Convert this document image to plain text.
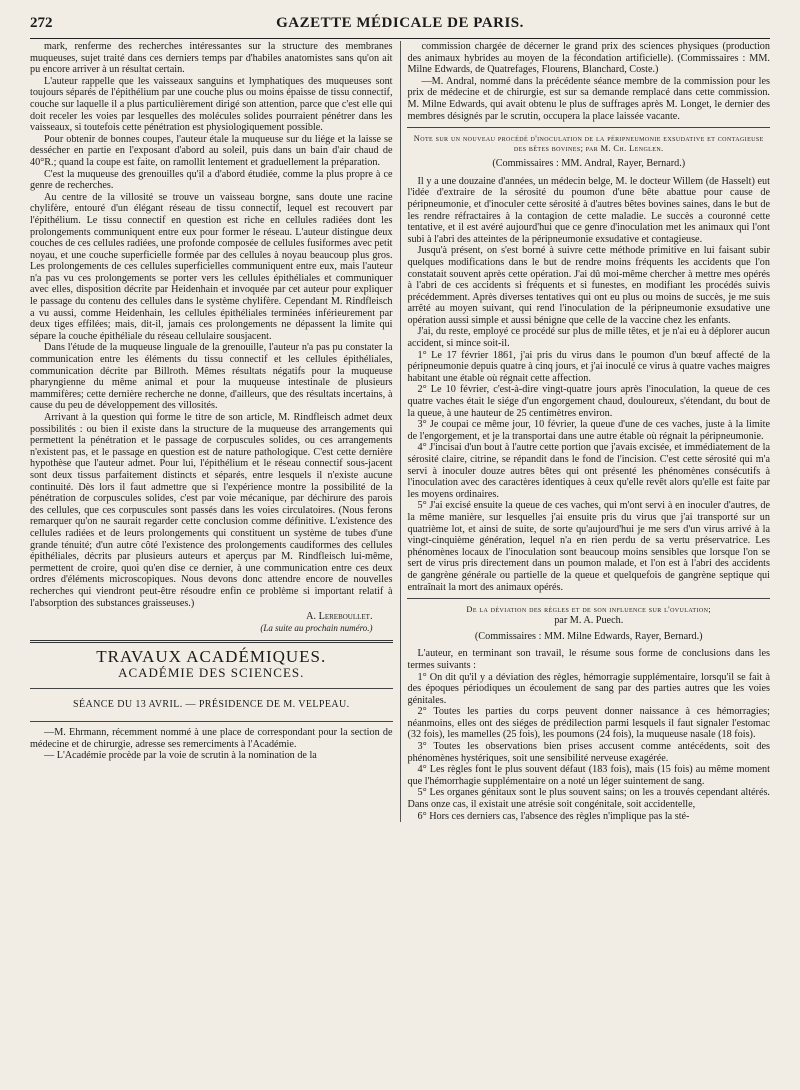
272	GAZETTE MÉDICALE DE PARIS.

mark, renferme des recherches intéressantes sur la structure des membranes muqueuses, sujet traité dans ces derniers temps par d'habiles anatomistes sans qu'on ait pu encore arriver à un résultat certain.

L'auteur rappelle que les vaisseaux sanguins et lymphatiques des muqueuses sont toujours séparés de l'épithélium par une couche plus ou moins épaisse de tissu connectif, couche sur laquelle il a plus particulièrement dirigé son attention, parce que c'est elle qui doit receler les voies par lesquelles des molécules solides pourraient pénétrer dans les vaisseaux, si toutefois cette pénétration est physiologiquement possible.

Pour obtenir de bonnes coupes, l'auteur étale la muqueuse sur du liége et la laisse se dessécher en partie en l'exposant d'abord au soleil, puis dans un bain d'air chaud de 40°R.; quand la coupe est faite, on ramollit lentement et graduellement la préparation.

C'est la muqueuse des grenouilles qu'il a d'abord étudiée, comme la plus propre à ce genre de recherches.

Au centre de la villosité se trouve un vaisseau borgne, sans doute une racine chylifère, entouré d'un élégant réseau de tissu connectif, lequel est recouvert par l'épithélium. Le tissu connectif en question est riche en cellules radiées dont les prolongements communiquent entre eux pour former le réseau. L'auteur distingue deux couches de ces cellules radiées, une profonde composée de cellules fusiformes avec petit noyau, et une couche superficielle formée par des cellules à noyau beaucoup plus gros. Les prolongements de ces cellules superficielles communiquent entre eux, mais l'auteur n'a pas vu ces prolongements se porter vers les cellules épithéliales et communiquer avec elles, disposition décrite par Heidenhain et invoquée par cet auteur pour expliquer le passage du contenu des cellules dans le système chylifère. Cependant M. Rindfleisch a vu aussi, comme Heidenhain, les cellules épithéliales terminées inférieurement par deux tiges effilées; mais, dit-il, jamais ces prolongements ne dépassent la limite qui sépare la couche épithéliale du réseau cellulaire sousjacent.

Dans l'étude de la muqueuse linguale de la grenouille, l'auteur n'a pas pu constater la communication entre les éléments du tissu connectif et les cellules épithéliales, communication décrite par Billroth. Mêmes résultats négatifs pour la muqueuse pharyngienne du même animal et pour la muqueuse intestinale de plusieurs mammifères; cette dernière recherche ne donne, d'ailleurs, que des résultats incertains, à cause du peu de développement des villosités.

Arrivant à la question qui forme le titre de son article, M. Rindfleisch admet deux possibilités : ou bien il existe dans la structure de la muqueuse des arrangements qui permettent la pénétration et le passage de corpuscules solides, ou ces arrangements n'existent pas, et le passage en question est de nature pathologique. C'est cette dernière hypothèse que l'auteur admet. Pour lui, l'épithélium et le réseau connectif sous-jacent sont deux tissus parfaitement distincts et séparés, entre lesquels il n'existe aucune continuité. Dès lors il faut admettre que si l'expérience montre la possibilité de la pénétration de corpuscules solides, c'est par voie mécanique, par déchirure des parois des cellules, que ces corpuscules sont passés dans les voies circulatoires. (Nous ferons remarquer qu'on ne saurait regarder cette conclusion comme définitive. L'existence des cellules radiées et de leurs prolongements qui constituent un système de tubes d'une grande ténuité; d'un autre côté l'existence des prolongements caudiformes des cellules épithéliales, décrits par plusieurs auteurs et aperçus par M. Rindfleisch lui-même, permettent de croire, quoi qu'en dise ce dernier, à une communication entre ces deux ordres d'éléments microscopiques. Nous devons donc attendre encore de nouvelles recherches qui viendront peut-être résoudre enfin ce problème si important relatif à l'absorption des substances graisseuses.)

A. Lereboullet.
(La suite au prochain numéro.)
TRAVAUX ACADÉMIQUES.
ACADÉMIE DES SCIENCES.
SÉANCE DU 13 AVRIL. — PRÉSIDENCE DE M. VELPEAU.

—M. Ehrmann, récemment nommé à une place de correspondant pour la section de médecine et de chirurgie, adresse ses remerciments à l'Académie.

— L'Académie procède par la voie de scrutin à la nomination de la

commission chargée de décerner le grand prix des sciences physiques (production des animaux hybrides au moyen de la fécondation artificielle). (Commissaires : MM. Milne Edwards, de Quatrefages, Flourens, Blanchard, Coste.)

—M. Andral, nommé dans la précédente séance membre de la commission pour les prix de médecine et de chirurgie, est sur sa demande remplacé dans cette commission. M. Milne Edwards, qui avait obtenu le plus de suffrages après M. Longet, le dernier des membres désignés par le scrutin, occupera la place laissée vacante.

Note sur un nouveau procédé d'inoculation de la péripneumonie exsudative et contagieuse des bêtes bovines; par M. Ch. Lenglen.
(Commissaires : MM. Andral, Rayer, Bernard.)

Il y a une douzaine d'années, un médecin belge, M. le docteur Willem (de Hasselt) eut l'idée d'extraire de la sérosité du poumon d'une bête abattue pour cause de péripneumonie, et d'inoculer cette sérosité à d'autres bêtes bovines saines, dans le but de les rendre réfractaires à la contagion de cette maladie. Le succès a couronné cette tentative, et il est avéré aujourd'hui que ce genre d'inoculation met les animaux qui l'ont subi à l'abri des atteintes de la péripneumonie exsudative et contagieuse.

Jusqu'à présent, on s'est borné à suivre cette méthode primitive en lui faisant subir quelques modifications dans le but de rendre moins fréquents les accidents que l'on constatait souvent après cette opération. J'ai dû moi-même chercher à mettre mes opérés à l'abri de ces accidents si fréquents et si funestes, en modifiant les procédés suivis précédemment. Après diverses tentatives qui ont eu plus ou moins de succès, je me suis arrêté au moyen suivant, qui rend l'inoculation de la péripneumonie exsudative une opération aussi simple et aussi bénigne que celle de la vaccine chez les enfants.

J'ai, du reste, employé ce procédé sur plus de mille têtes, et je n'ai eu à déplorer aucun accident, si mince soit-il.

1° Le 17 février 1861, j'ai pris du virus dans le poumon d'un bœuf affecté de la péripneumonie depuis quatre à cinq jours, et j'ai inoculé ce virus à quatre vaches maigres habitant une étable où régnait cette affection.

2° Le 10 février, c'est-à-dire vingt-quatre jours après l'inoculation, la queue de ces quatre vaches était le siége d'un engorgement chaud, douloureux, s'étendant, du bout de la queue, à une hauteur de 25 centimètres environ.

3° Je coupai ce même jour, 10 février, la queue d'une de ces vaches, juste à la limite de l'engorgement, et je la transportai dans une autre étable où régnait la péripneumonie.

4° J'incisai d'un bout à l'autre cette portion que j'avais excisée, et immédiatement de la sérosité claire, citrine, se répandit dans le fond de l'incision. C'est cette sérosité qui m'a servi à inoculer douze autres bêtes qui ont présenté les phénomènes consécutifs à l'inoculation avec des caractères identiques à ceux qu'elle revêt alors qu'elle est faite par les moyens ordinaires.

5° J'ai excisé ensuite la queue de ces vaches, qui m'ont servi à en inoculer d'autres, de la même manière, sur lesquelles j'ai ensuite pris du virus que j'ai transporté sur un quatrième lot, et ainsi de suite, de sorte qu'aujourd'hui je me sers d'un virus arrivé à la vingt-cinquième génération, lequel n'a en rien perdu de sa vertu préservatrice. Les phénomènes locaux de l'inoculation sont beaucoup moins sensibles que lorsque l'on se sert de virus pris directement dans un poumon malade, et l'on est à l'abri des accidents de gangrène générale ou partielle de la queue et quelquefois de gangrène septique qui entraînait la mort des animaux opérés.

De la déviation des règles et de son influence sur l'ovulation;
par M. A. Puech.
(Commissaires : MM. Milne Edwards, Rayer, Bernard.)

L'auteur, en terminant son travail, le résume sous forme de conclusions dans les termes suivants :

1° On dit qu'il y a déviation des règles, hémorragie supplémentaire, lorsqu'il se fait à des époques périodiques un écoulement de sang par des parties autres que les voies génitales.

2° Toutes les parties du corps peuvent donner naissance à ces hémorragies; néanmoins, elles ont des siéges de prédilection parmi lesquels il faut signaler l'estomac (32 fois), les mamelles (25 fois), les poumons (24 fois), la muqueuse nasale (18 fois).

3° Toutes les observations bien prises accusent comme antécédents, soit des phénomènes hystériques, soit une sensibilité nerveuse exagérée.

4° Les règles font le plus souvent défaut (183 fois), mais (15 fois) au même moment que l'hémorrhagie supplémentaire on a noté un léger suintement de sang.

5° Les organes génitaux sont le plus souvent sains; on les a trouvés cependant altérés. Dans onze cas, il existait une atrésie soit congénitale, soit accidentelle,

6° Hors ces derniers cas, l'absence des règles n'implique pas la sté-
